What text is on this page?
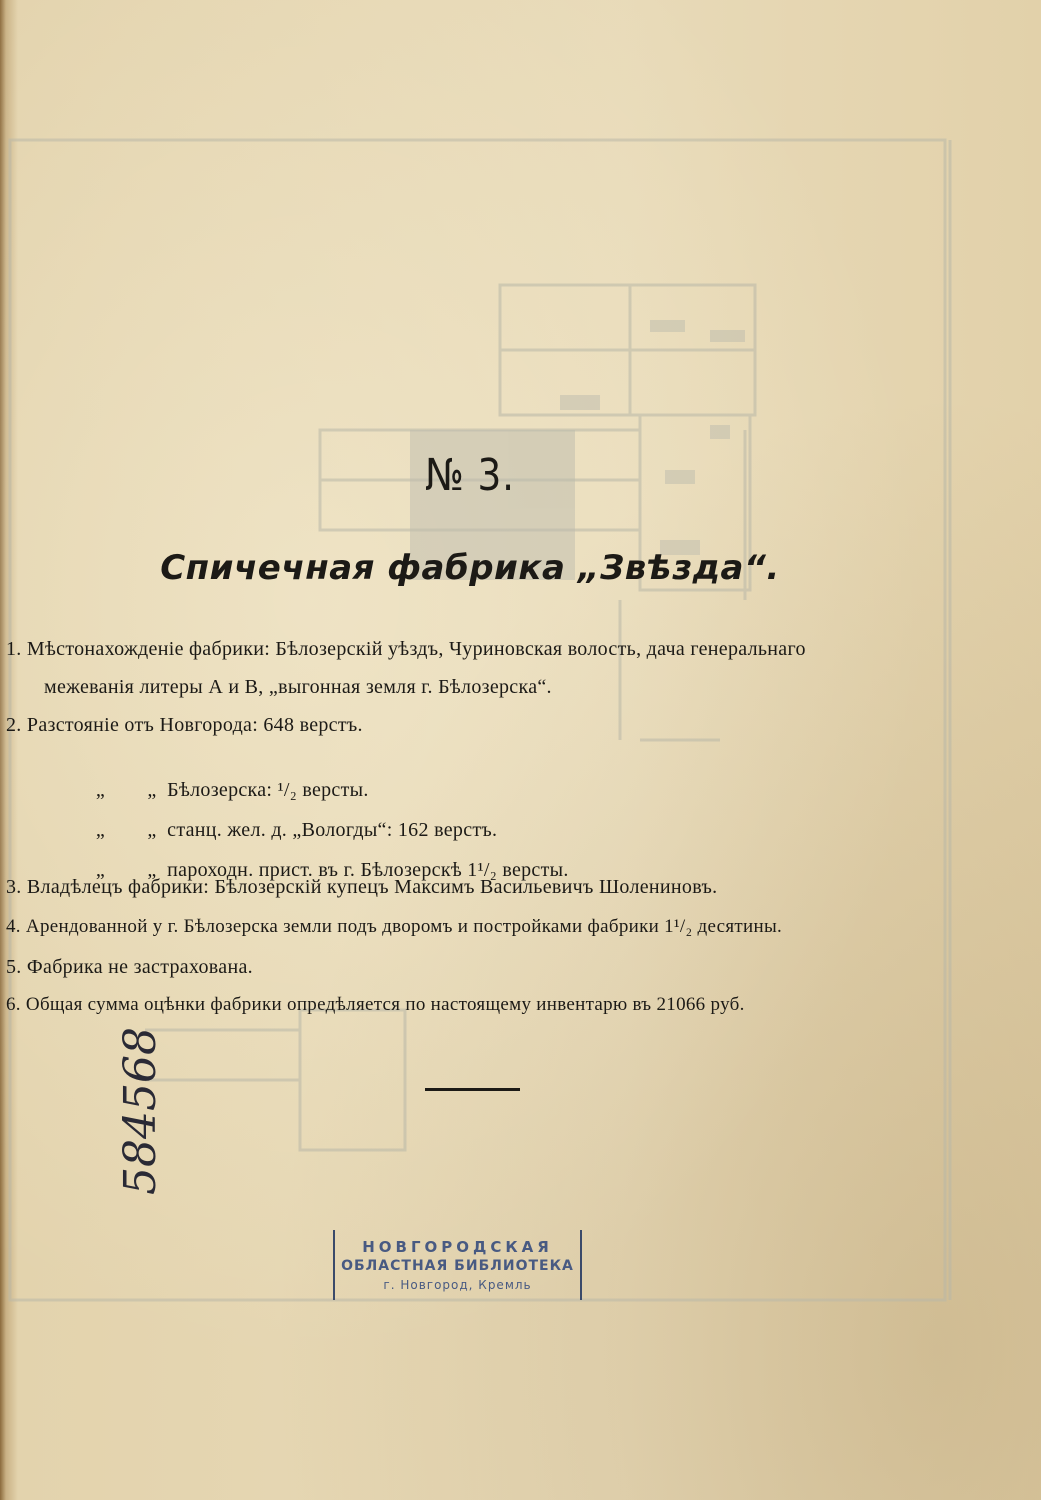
№ 3.
Спичечная фабрика „Звѣзда“.
1. Мѣстонахожденіе фабрики: Бѣлозерскій уѣздъ, Чуриновская волость, дача генеральнаго
межеванія литеры А и В, „выгонная земля г. Бѣлозерска“.
2. Разстояніе отъ Новгорода: 648 верстъ.

„        „  Бѣлозерска: ¹/₂ версты.

„        „  станц. жел. д. „Вологды“: 162 верстъ.

„        „  пароходн. прист. въ г. Бѣлозерскѣ 1¹/₂ версты.

3. Владѣлецъ фабрики: Бѣлозерскій купецъ Максимъ Васильевичъ Шолениновъ.
4. Арендованной у г. Бѣлозерска земли подъ дворомъ и постройками фабрики 1¹/₂ десятины.
5. Фабрика не застрахована.
6. Общая сумма оцѣнки фабрики опредѣляется по настоящему инвентарю въ 21066 руб.
584568
НОВГОРОДСКАЯ
ОБЛАСТНАЯ БИБЛИОТЕКА
г. Новгород, Кремль
